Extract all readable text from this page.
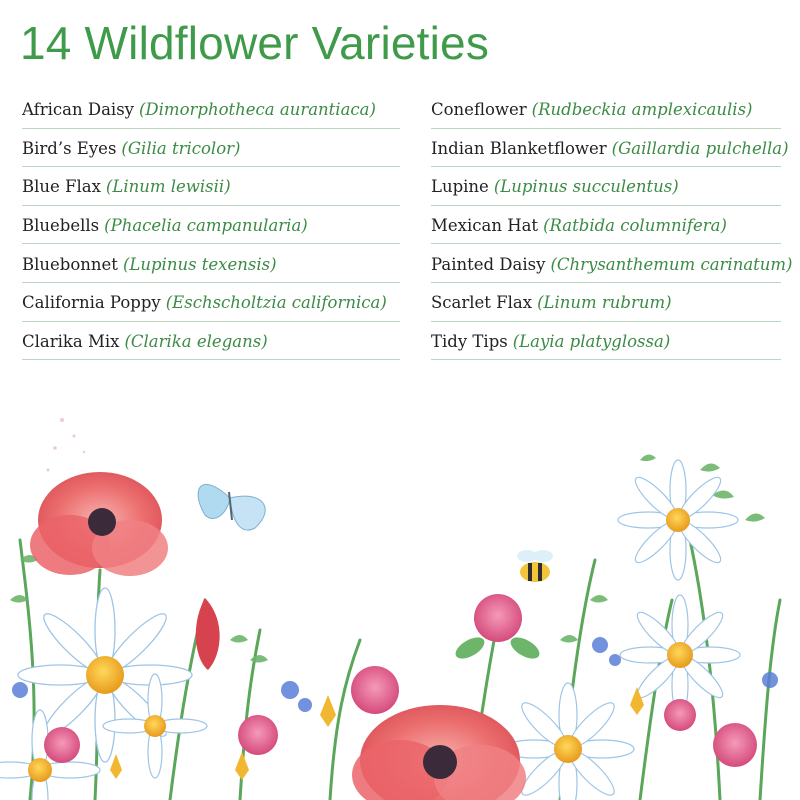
14 Wildflower Varieties
African Daisy (Dimorphotheca aurantiaca)
Bird’s Eyes (Gilia tricolor)
Blue Flax (Linum lewisii)
Bluebells (Phacelia campanularia)
Bluebonnet (Lupinus texensis)
California Poppy (Eschscholtzia californica)
Clarika Mix (Clarika elegans)
Coneflower (Rudbeckia amplexicaulis)
Indian Blanketflower (Gaillardia pulchella)
Lupine (Lupinus succulentus)
Mexican Hat (Ratbida columnifera)
Painted Daisy (Chrysanthemum carinatum)
Scarlet Flax (Linum rubrum)
Tidy Tips (Layia platyglossa)
